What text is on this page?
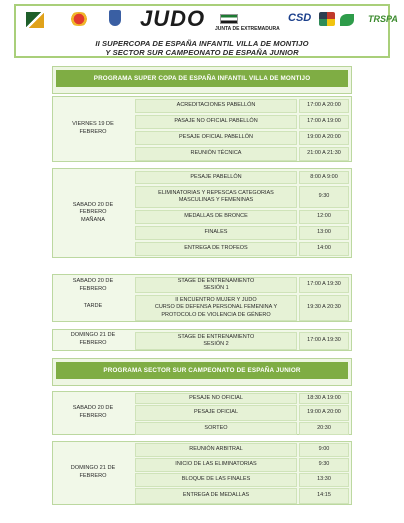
JUDO JUNTA DE EXTREMADURA
CSD	TRSPA
II SUPERCOPA DE ESPAÑA INFANTIL VILLA DE MONTIJO
Y SECTOR SUR CAMPEONATO DE ESPAÑA JUNIOR
PROGRAMA SUPER COPA DE ESPAÑA INFANTIL VILLA DE MONTIJO
VIERNES 19 DE
FEBRERO
ACREDITACIONES PABELLÓN	17:00 A 20:00
PASAJE NO OFICIAL PABELLÓN	17:00 A 19:00
PESAJE OFICIAL PABELLÓN	19:00 A 20:00
REUNIÓN TÉCNICA	21:00 A 21:30
SABADO 20 DE
FEBRERO
MAÑANA
PESAJE PABELLÓN	8:00 A 9:00
ELIMINATORIAS Y REPESCAS CATEGORIAS
MASCULINAS Y FEMENINAS
9:30
MEDALLAS DE BRONCE	12:00
FINALES	13:00
ENTREGA DE TROFEOS	14:00
SABADO 20 DE
FEBRERO
TARDE
STAGE DE ENTRENAMIENTO
SESIÓN 1
17:00 A 19:30
II ENCUENTRO MUJER Y JUDO
CURSO DE DEFENSA PERSONAL FEMENINA Y
PROTOCOLO DE VIOLENCIA DE GÉNERO
19:30 A 20:30
DOMINGO 21 DE
FEBRERO
STAGE DE ENTRENAMIENTO
SESIÓN 2
17:00 A 19:30
PROGRAMA SECTOR SUR CAMPEONATO DE ESPAÑA JUNIOR
SABADO 20 DE
FEBRERO
PESAJE NO OFICIAL	18:30 A 19:00
PESAJE OFICIAL	19:00 A 20:00
SORTEO	20:30
DOMINGO 21 DE
FEBRERO
REUNIÓN ARBITRAL	9:00
INICIO DE LAS ELIMINATORIAS	9:30
BLOQUE DE LAS FINALES	13:30
ENTREGA DE MEDALLAS	14:15
